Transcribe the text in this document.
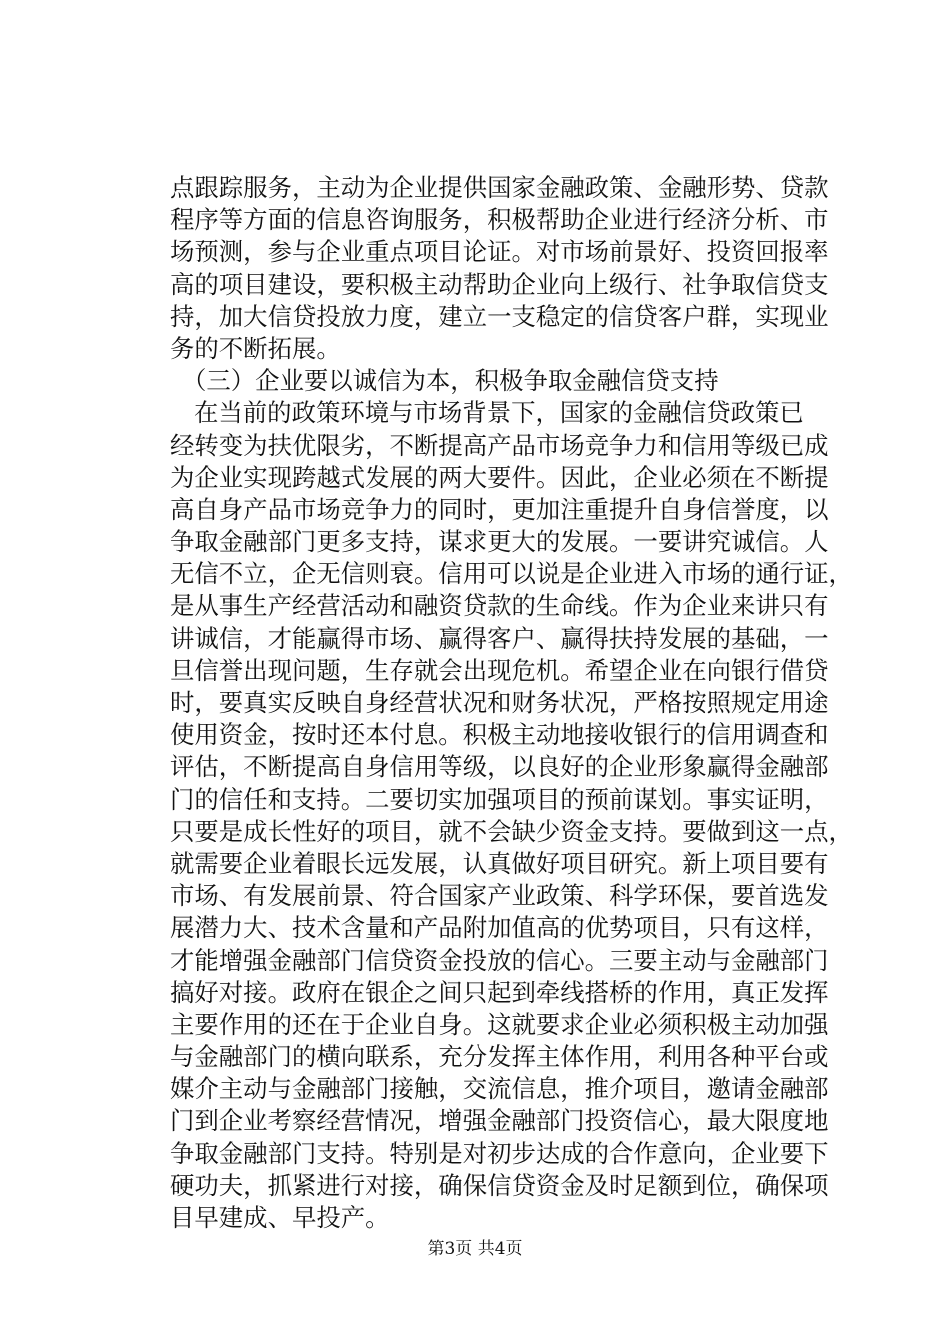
点跟踪服务，主动为企业提供国家金融政策、金融形势、贷款
程序等方面的信息咨询服务，积极帮助企业进行经济分析、市
场预测，参与企业重点项目论证。对市场前景好、投资回报率
高的项目建设，要积极主动帮助企业向上级行、社争取信贷支
持，加大信贷投放力度，建立一支稳定的信贷客户群，实现业
务的不断拓展。
（三）企业要以诚信为本，积极争取金融信贷支持
在当前的政策环境与市场背景下，国家的金融信贷政策已
经转变为扶优限劣，不断提高产品市场竞争力和信用等级已成
为企业实现跨越式发展的两大要件。因此，企业必须在不断提
高自身产品市场竞争力的同时，更加注重提升自身信誉度，以
争取金融部门更多支持，谋求更大的发展。一要讲究诚信。人
无信不立，企无信则衰。信用可以说是企业进入市场的通行证，
是从事生产经营活动和融资贷款的生命线。作为企业来讲只有
讲诚信，才能赢得市场、赢得客户、赢得扶持发展的基础，一
旦信誉出现问题，生存就会出现危机。希望企业在向银行借贷
时，要真实反映自身经营状况和财务状况，严格按照规定用途
使用资金，按时还本付息。积极主动地接收银行的信用调查和
评估，不断提高自身信用等级，以良好的企业形象赢得金融部
门的信任和支持。二要切实加强项目的预前谋划。事实证明，
只要是成长性好的项目，就不会缺少资金支持。要做到这一点，
就需要企业着眼长远发展，认真做好项目研究。新上项目要有
市场、有发展前景、符合国家产业政策、科学环保，要首选发
展潜力大、技术含量和产品附加值高的优势项目，只有这样，
才能增强金融部门信贷资金投放的信心。三要主动与金融部门
搞好对接。政府在银企之间只起到牵线搭桥的作用，真正发挥
主要作用的还在于企业自身。这就要求企业必须积极主动加强
与金融部门的横向联系，充分发挥主体作用，利用各种平台或
媒介主动与金融部门接触，交流信息，推介项目，邀请金融部
门到企业考察经营情况，增强金融部门投资信心，最大限度地
争取金融部门支持。特别是对初步达成的合作意向，企业要下
硬功夫，抓紧进行对接，确保信贷资金及时足额到位，确保项
目早建成、早投产。
第3页 共4页
